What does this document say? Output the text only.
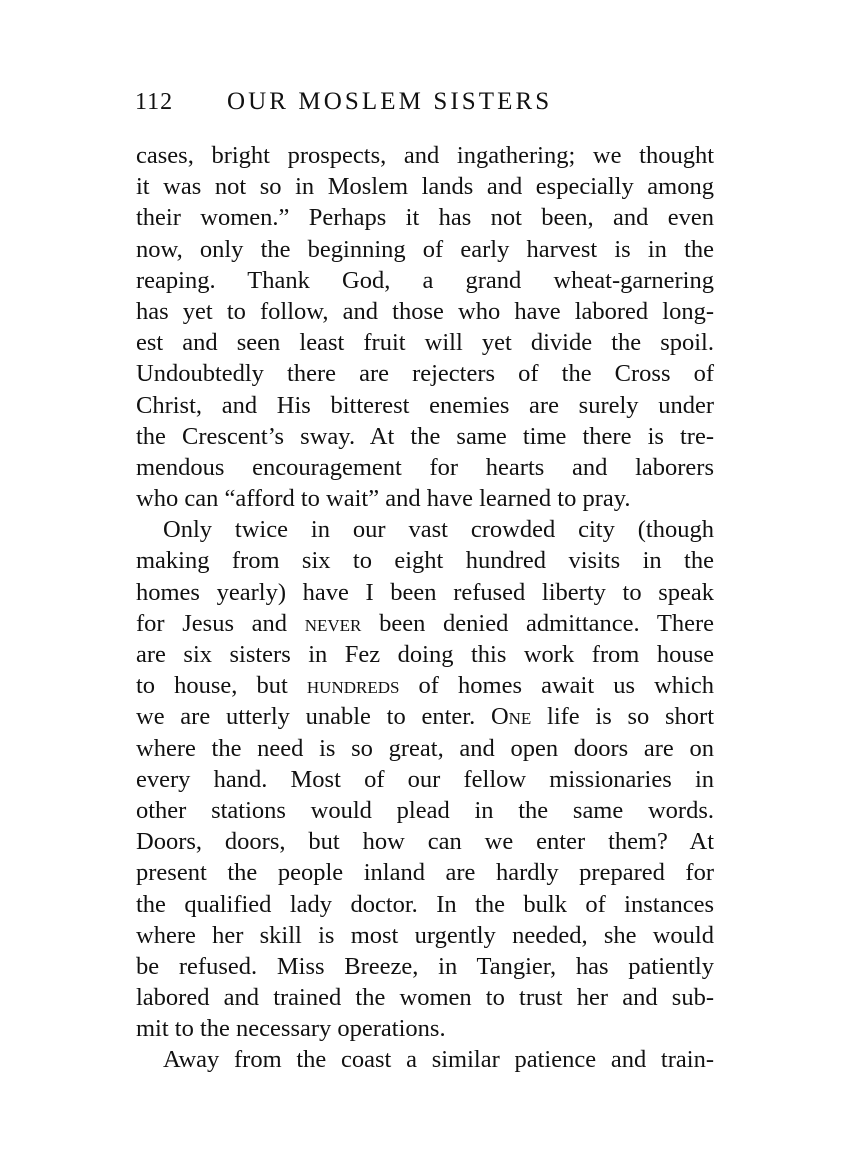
112	OUR MOSLEM SISTERS
cases, bright prospects, and ingathering; we thought
it was not so in Moslem lands and especially among
their women.” Perhaps it has not been, and even
now, only the beginning of early harvest is in the
reaping. Thank God, a grand wheat-garnering
has yet to follow, and those who have labored long-
est and seen least fruit will yet divide the spoil.
Undoubtedly there are rejecters of the Cross of
Christ, and His bitterest enemies are surely under
the Crescent’s sway. At the same time there is tre-
mendous encouragement for hearts and laborers
who can “afford to wait” and have learned to pray.
Only twice in our vast crowded city (though
making from six to eight hundred visits in the
homes yearly) have I been refused liberty to speak
for Jesus and never been denied admittance. There
are six sisters in Fez doing this work from house
to house, but hundreds of homes await us which
we are utterly unable to enter. One life is so short
where the need is so great, and open doors are on
every hand. Most of our fellow missionaries in
other stations would plead in the same words.
Doors, doors, but how can we enter them? At
present the people inland are hardly prepared for
the qualified lady doctor. In the bulk of instances
where her skill is most urgently needed, she would
be refused. Miss Breeze, in Tangier, has patiently
labored and trained the women to trust her and sub-
mit to the necessary operations.
Away from the coast a similar patience and train-
